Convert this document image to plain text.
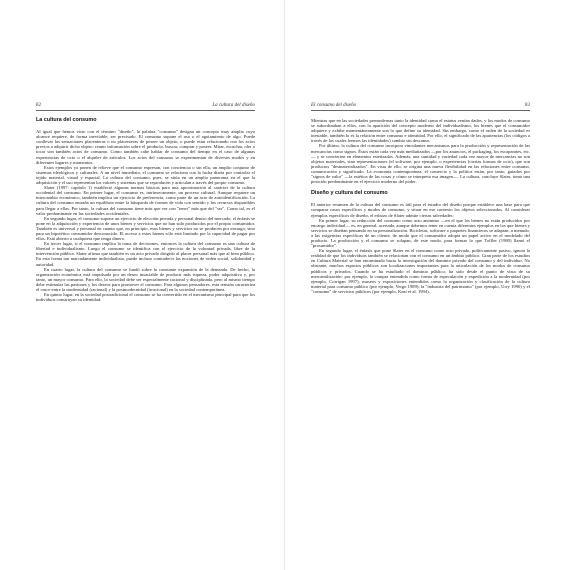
82	La cultura del diseño
La cultura del consumo

Al igual que hemos visto con el término "diseño", la palabra "consumo" designa un concepto muy amplio cuyo alcance requiere, de forma inevitable, ser precisado. El consumo supone el uso o el agotamiento de algo. Puede conllevar las sensaciones placenteras o no placenteras de poseer un objeto, o puede estar relacionado con los actos previos a adquirir dicho objeto: reunir información sobre el producto, buscar, comprar y poseer. Mirar, escuchar, oler o tocar son también actos de consumo. Como también cabe hablar de consumo del tiempo en el caso de algunas experiencias de ocio o el alquiler de artículos. Los actos del consumo se experimentan de diversos modos y en diferentes lugares y momentos.

Estos ejemplos ya ponen de relieve que el consumo expresan, con conciencia o sin ella, un amplio conjunto de sistemas ideológicos y culturales. A un nivel inmediato, el consumo se relaciona con la lucha diaria por controlar el tejido material, visual y espacial. La cultura del consumo, pues, se sitúa en un amplio panorama en el que la adquisición y el uso representan los valores y sistemas que se reproducen y articulan a través del propio consumo.

Slater (1997: capítulo 1) estableció algunas normas básicas para una aproximación al carácter de la cultura occidental del consumo. En primer lugar, el consumo es, intrínsecamente, un proceso cultural. Aunque requiere un intercambio económico, también implica un ejercicio de preferencia, como parte de un acto de autoidentificación. La cultura del consumo entraña un equilibrio entre la búsqueda de formas de vida con sentido y los recursos disponibles para llegar a ellas. Por tanto, la cultura del consumo tiene más que ver con "tener" más que del "ser". Como tal, es el valor predominante en las sociedades occidentales.

En segundo lugar, el consumo supone un ejercicio de elección privada y personal dentro del mercado: el énfasis se pone en la adquisición y experiencia de unos bienes y servicios que no han sido producidos por el propio consumidor. También es universal y personal en cuanto que, en principio, esos bienes y servicios no se producen por encargo, sino para un hipotético consumidor desconocido. El acceso a estos bienes sólo está limitado por la capacidad de pagar por ellos. Está abierto a cualquiera que tenga dinero.

En tercer lugar, si el consumo implica la toma de decisiones, entonces la cultura del consumo es una cultura de libertad e individualismo. Luego el consumo se identifica con el ejercicio de la voluntad privada, libre de la intervención pública. Slater afirma que también es un acto privado dirigido al placer personal más que al bien público. En esta forma tan marcadamente individualista, puede incluso contradecir las nociones de orden social, solidaridad y autoridad.

En cuarto lugar, la cultura del consumo se fundó sobre la constante expansión de la demanda. De hecho, la organización económica está impulsada por un deseo insaciable de producir más riqueza, poder adquisitivo y, por tanto, un mayor consumo. Para ello, la sociedad debe ser especialmente racional y disciplinada, pero al mismo tiempo debe estimular las pasiones y los deseos para promover el consumo. Para algunos pensadores, esta tensión caracteriza el cruce entre la modernidad (racional) y la postmodernidad (irracional) en la sociedad contemporánea.

En quinto lugar, en la sociedad postradicional el consumo se ha convertido en el mecanismo principal para que los individuos construyan su identidad.

El consumo del diseño	83

Mientras que en las sociedades premodernas tanto la identidad como el estatus venían dados, y los modos de consumo se subordinaban a ellos, con la aparición del concepto moderno del individualismo, los bienes que el consumidor adquiere y exhibe momentáneamente son lo que define su identidad. Sin embargo, como el orden de la sociedad es inestable, también lo es la relación entre consumo e identidad. Por ello, el significado de las apariencias (los códigos a través de los cuales leemos las identidades) cambia sin descanso.

Por último, la cultura del consumo incorpora vinculantes mecanismos para la producción y representación de las mercancías como signos. Éstos están cada vez más mediatizados —por los anuncios, el packaging, los escaparates, etc.— y se convierten en elementos estetizados. Además, una cantidad y variedad cada vez mayor de mercancías no son objetos materiales, sino representaciones (el software, por ejemplo, o experiencias (ciertas formas de ocio), que son productos "desmaterializados". En vista de ello, se origina una nueva flexibilidad en las relaciones entre consumo, comunicación y significado. La economía contemporánea, el comercio y la política están, por tanto, guiados por "signos de valor" —la estética de las cosas y cómo se interpreta esa imagen—. La cultura, concluye Slater, toma una posición predominante en el ejercicio moderno del poder.

Diseño y cultura del consumo

El anterior resumen de la cultura del consumo es útil para el estudio del diseño porque establece una base para que comparar casos específicos y modos de consumo, y situar en ese contexto los objetos seleccionados. Al considerar ejemplos específicos de diseño, el esbozo de Slater admite ciertas salvedades:

En primer lugar, su reducción del consumo como acto anónimo —en el que los bienes no están producidos por encargo individual— es, en general, acertada, aunque debemos tener en cuenta diferentes ejemplos en los que bienes y servicios se diseñan pensando en su personalización. Bicicletas, software o paquetes financieros se adaptan, a menudo, a las exigencias específicas de un cliente, de modo que el consumidor adopta un papel activo en el modelado del producto. La producción y el consumo se solapan, de este modo, para formar lo que Toffler (1980) llamó el "prosumidor".

En segundo lugar, el énfasis que pone Slater en el consumo como acto privado, políticamente pasivo, ignora la realidad de que los individuos también se relacionan con el consumo en un ámbito público. Gran parte de los estudios en Cultura Material se han encaminado hacia la investigación del dominio privado del consumo y del individuo. No obstante, muchos espacios públicos son localizaciones importantes para la articulación de los modos de consumo públicos y privados. Cuando se ha estudiado el dominio público, ha sido desde el punto de vista de su mercantilización: por ejemplo, la compra entendida como forma de especulación y expedición a la modernidad (por ejemplo, Corrigan 1997); museos y exposiciones entendidos como la organización y clasificación de la cultura material para consumo público (por ejemplo, Vergo 1989); la "industria del patrimonio" (por ejemplo, Urry 1990) y el "consumo" de servicios públicos (por ejemplo, Keat et al. 1994).
